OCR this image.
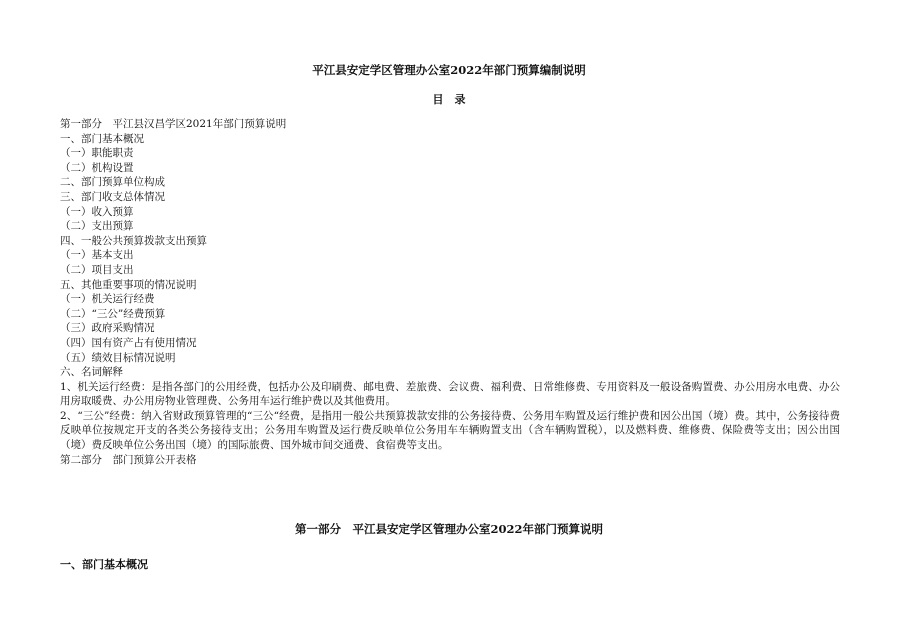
平江县安定学区管理办公室2022年部门预算编制说明
目　录
第一部分　平江县汉昌学区2021年部门预算说明
一、部门基本概况
（一）职能职责
（二）机构设置
二、部门预算单位构成
三、部门收支总体情况
（一）收入预算
（二）支出预算
四、一般公共预算拨款支出预算
（一）基本支出
（二）项目支出
五、其他重要事项的情况说明
（一）机关运行经费
（二）“三公”经费预算
（三）政府采购情况
（四）国有资产占有使用情况
（五）绩效目标情况说明
六、名词解释
1、机关运行经费：是指各部门的公用经费，包括办公及印刷费、邮电费、差旅费、会议费、福利费、日常维修费、专用资料及一般设备购置费、办公用房水电费、办公用房取暖费、办公用房物业管理费、公务用车运行维护费以及其他费用。
2、“三公”经费：纳入省财政预算管理的“三公“经费，是指用一般公共预算拨款安排的公务接待费、公务用车购置及运行维护费和因公出国（境）费。其中，公务接待费反映单位按规定开支的各类公务接待支出；公务用车购置及运行费反映单位公务用车车辆购置支出（含车辆购置税），以及燃料费、维修费、保险费等支出；因公出国（境）费反映单位公务出国（境）的国际旅费、国外城市间交通费、食宿费等支出。
第二部分　部门预算公开表格
第一部分　平江县安定学区管理办公室2022年部门预算说明
一、部门基本概况
